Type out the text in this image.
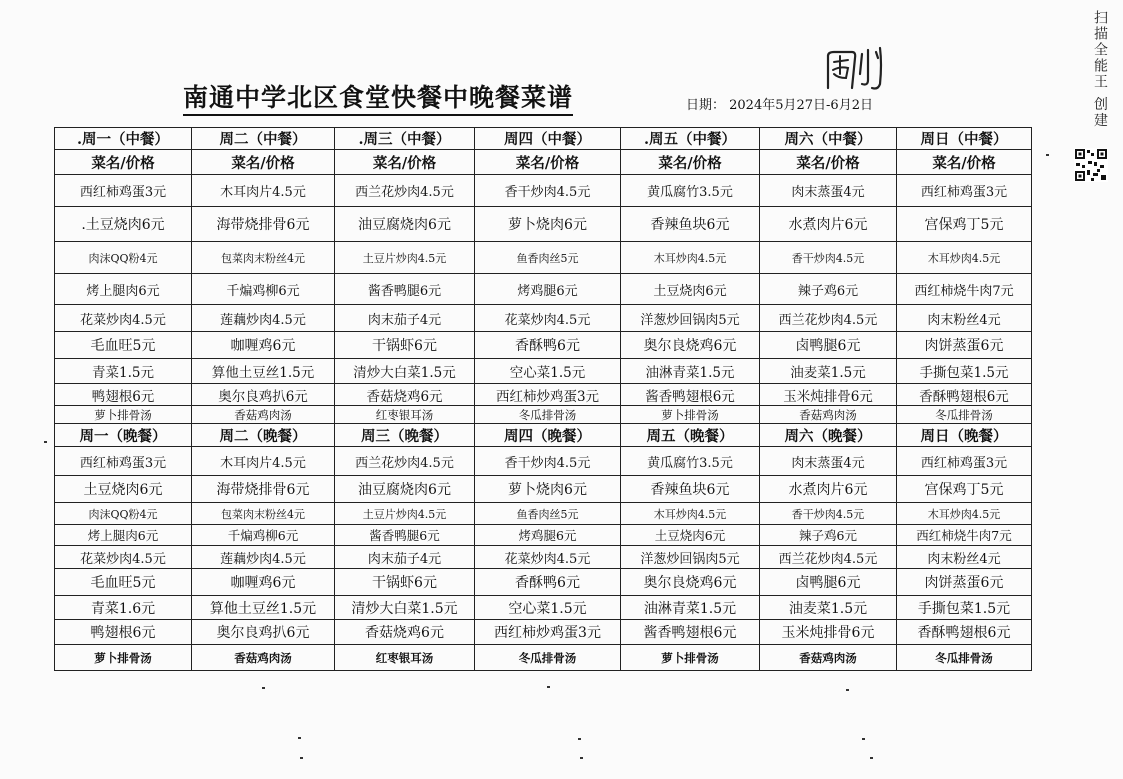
南通中学北区食堂快餐中晚餐菜谱	日期： 2024年5月27日-6月2日	扫描全能王 创建
.周一（中餐）	周二（中餐）	.周三（中餐）	周四（中餐）	.周五（中餐）	周六（中餐）	周日（中餐）
菜名/价格	菜名/价格	菜名/价格	菜名/价格	菜名/价格	菜名/价格	菜名/价格
西红柿鸡蛋3元	木耳肉片4.5元	西兰花炒肉4.5元	香干炒肉4.5元	黄瓜腐竹3.5元	肉末蒸蛋4元	西红柿鸡蛋3元
.土豆烧肉6元	海带烧排骨6元	油豆腐烧肉6元	萝卜烧肉6元	香辣鱼块6元	水煮肉片6元	宫保鸡丁5元
肉沫QQ粉4元	包菜肉末粉丝4元	土豆片炒肉4.5元	鱼香肉丝5元	木耳炒肉4.5元	香干炒肉4.5元	木耳炒肉4.5元
烤上腿肉6元	千煸鸡柳6元	酱香鸭腿6元	烤鸡腿6元	土豆烧肉6元	辣子鸡6元	西红柿烧牛肉7元
花菜炒肉4.5元	莲藕炒肉4.5元	肉末茄子4元	花菜炒肉4.5元	洋葱炒回锅肉5元	西兰花炒肉4.5元	肉末粉丝4元
毛血旺5元	咖喱鸡6元	干锅虾6元	香酥鸭6元	奥尔良烧鸡6元	卤鸭腿6元	肉饼蒸蛋6元
青菜1.5元	算他土豆丝1.5元	清炒大白菜1.5元	空心菜1.5元	油淋青菜1.5元	油麦菜1.5元	手撕包菜1.5元
鸭翅根6元	奥尔良鸡扒6元	香菇烧鸡6元	西红柿炒鸡蛋3元	酱香鸭翅根6元	玉米炖排骨6元	香酥鸭翅根6元
萝卜排骨汤	香菇鸡肉汤	红枣银耳汤	冬瓜排骨汤	萝卜排骨汤	香菇鸡肉汤	冬瓜排骨汤
周一（晚餐）	周二（晚餐）	周三（晚餐）	周四（晚餐）	周五（晚餐）	周六（晚餐）	周日（晚餐）
西红柿鸡蛋3元	木耳肉片4.5元	西兰花炒肉4.5元	香干炒肉4.5元	黄瓜腐竹3.5元	肉末蒸蛋4元	西红柿鸡蛋3元
土豆烧肉6元	海带烧排骨6元	油豆腐烧肉6元	萝卜烧肉6元	香辣鱼块6元	水煮肉片6元	宫保鸡丁5元
肉沫QQ粉4元	包菜肉末粉丝4元	土豆片炒肉4.5元	鱼香肉丝5元	木耳炒肉4.5元	香干炒肉4.5元	木耳炒肉4.5元
烤上腿肉6元	千煸鸡柳6元	酱香鸭腿6元	烤鸡腿6元	土豆烧肉6元	辣子鸡6元	西红柿烧牛肉7元
花菜炒肉4.5元	莲藕炒肉4.5元	肉末茄子4元	花菜炒肉4.5元	洋葱炒回锅肉5元	西兰花炒肉4.5元	肉末粉丝4元
毛血旺5元	咖喱鸡6元	干锅虾6元	香酥鸭6元	奥尔良烧鸡6元	卤鸭腿6元	肉饼蒸蛋6元
青菜1.6元	算他土豆丝1.5元	清炒大白菜1.5元	空心菜1.5元	油淋青菜1.5元	油麦菜1.5元	手撕包菜1.5元
鸭翅根6元	奥尔良鸡扒6元	香菇烧鸡6元	西红柿炒鸡蛋3元	酱香鸭翅根6元	玉米炖排骨6元	香酥鸭翅根6元
萝卜排骨汤	香菇鸡肉汤	红枣银耳汤	冬瓜排骨汤	萝卜排骨汤	香菇鸡肉汤	冬瓜排骨汤
